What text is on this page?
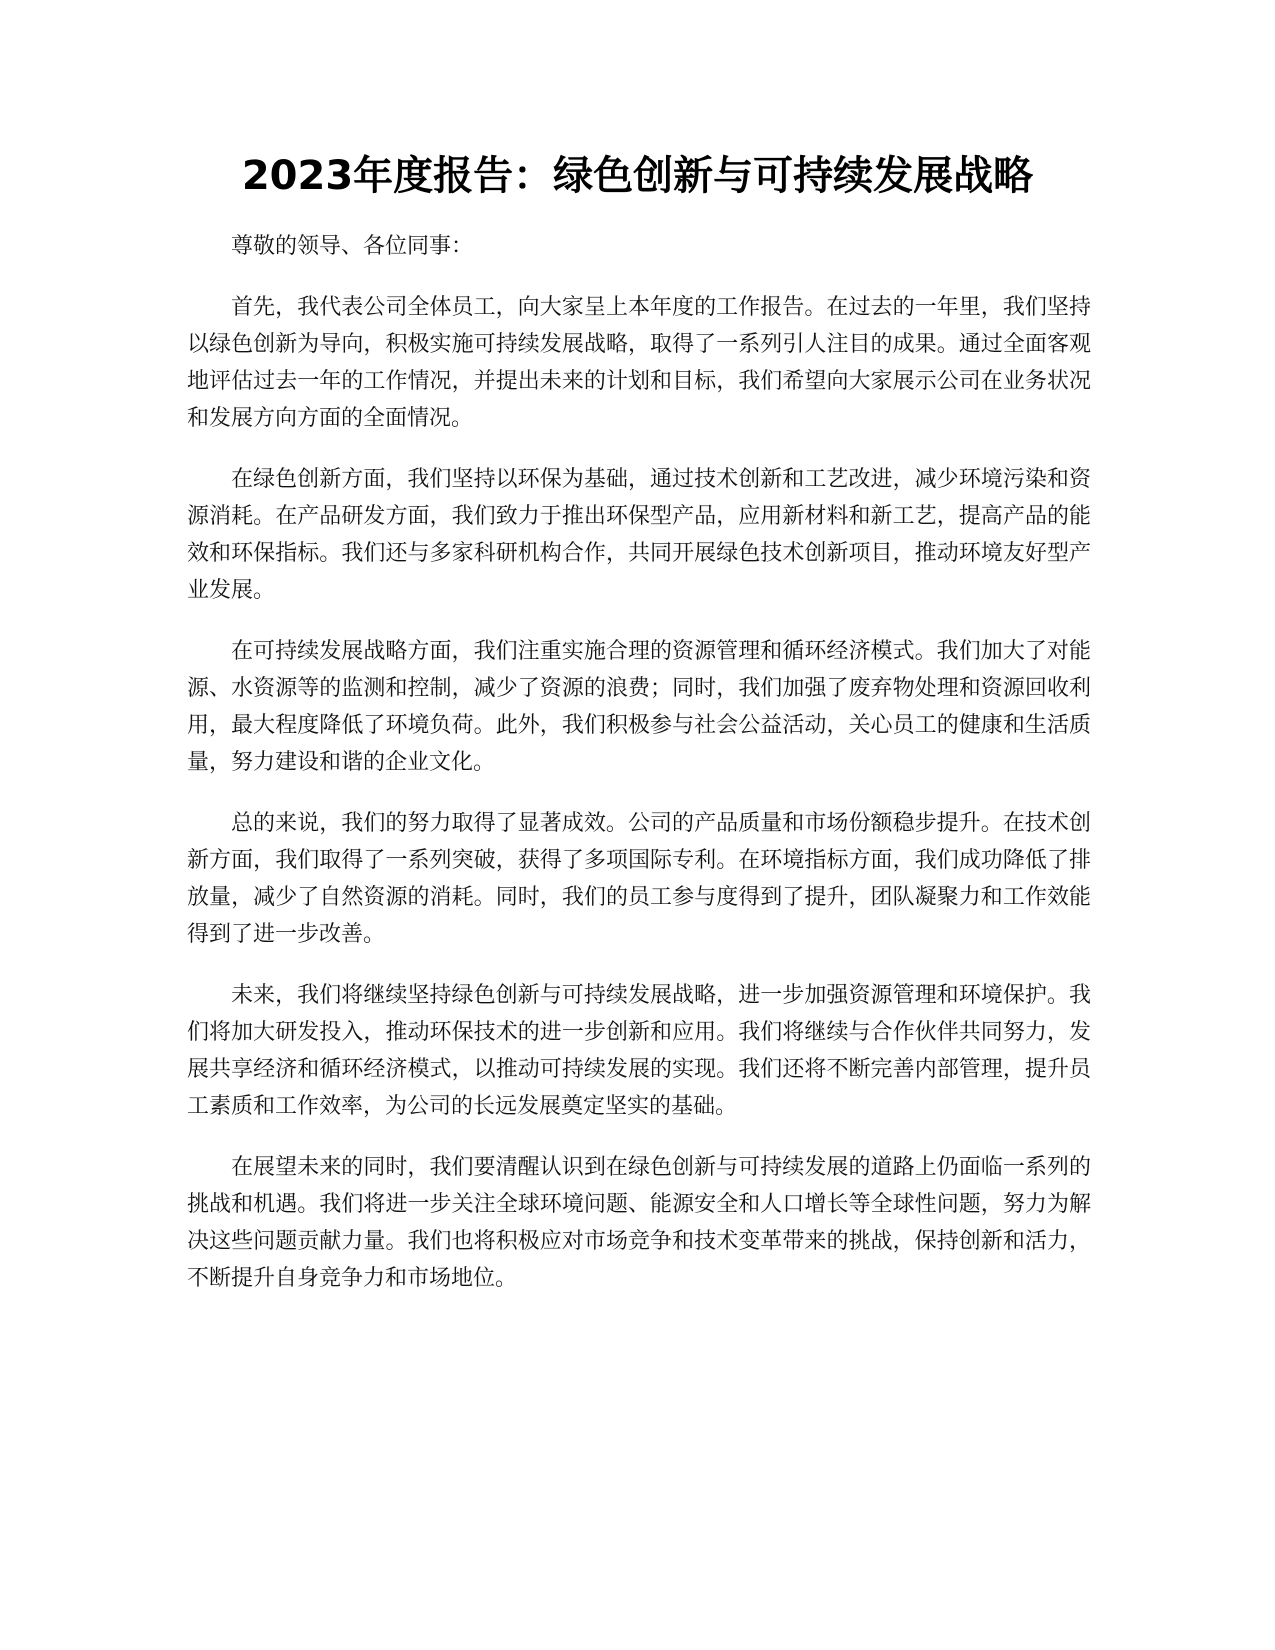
2023年度报告：绿色创新与可持续发展战略

尊敬的领导、各位同事：

首先，我代表公司全体员工，向大家呈上本年度的工作报告。在过去的一年里，我们坚持以绿色创新为导向，积极实施可持续发展战略，取得了一系列引人注目的成果。通过全面客观地评估过去一年的工作情况，并提出未来的计划和目标，我们希望向大家展示公司在业务状况和发展方向方面的全面情况。

在绿色创新方面，我们坚持以环保为基础，通过技术创新和工艺改进，减少环境污染和资源消耗。在产品研发方面，我们致力于推出环保型产品，应用新材料和新工艺，提高产品的能效和环保指标。我们还与多家科研机构合作，共同开展绿色技术创新项目，推动环境友好型产业发展。

在可持续发展战略方面，我们注重实施合理的资源管理和循环经济模式。我们加大了对能源、水资源等的监测和控制，减少了资源的浪费；同时，我们加强了废弃物处理和资源回收利用，最大程度降低了环境负荷。此外，我们积极参与社会公益活动，关心员工的健康和生活质量，努力建设和谐的企业文化。

总的来说，我们的努力取得了显著成效。公司的产品质量和市场份额稳步提升。在技术创新方面，我们取得了一系列突破，获得了多项国际专利。在环境指标方面，我们成功降低了排放量，减少了自然资源的消耗。同时，我们的员工参与度得到了提升，团队凝聚力和工作效能得到了进一步改善。

未来，我们将继续坚持绿色创新与可持续发展战略，进一步加强资源管理和环境保护。我们将加大研发投入，推动环保技术的进一步创新和应用。我们将继续与合作伙伴共同努力，发展共享经济和循环经济模式，以推动可持续发展的实现。我们还将不断完善内部管理，提升员工素质和工作效率，为公司的长远发展奠定坚实的基础。

在展望未来的同时，我们要清醒认识到在绿色创新与可持续发展的道路上仍面临一系列的挑战和机遇。我们将进一步关注全球环境问题、能源安全和人口增长等全球性问题，努力为解决这些问题贡献力量。我们也将积极应对市场竞争和技术变革带来的挑战，保持创新和活力，不断提升自身竞争力和市场地位。
